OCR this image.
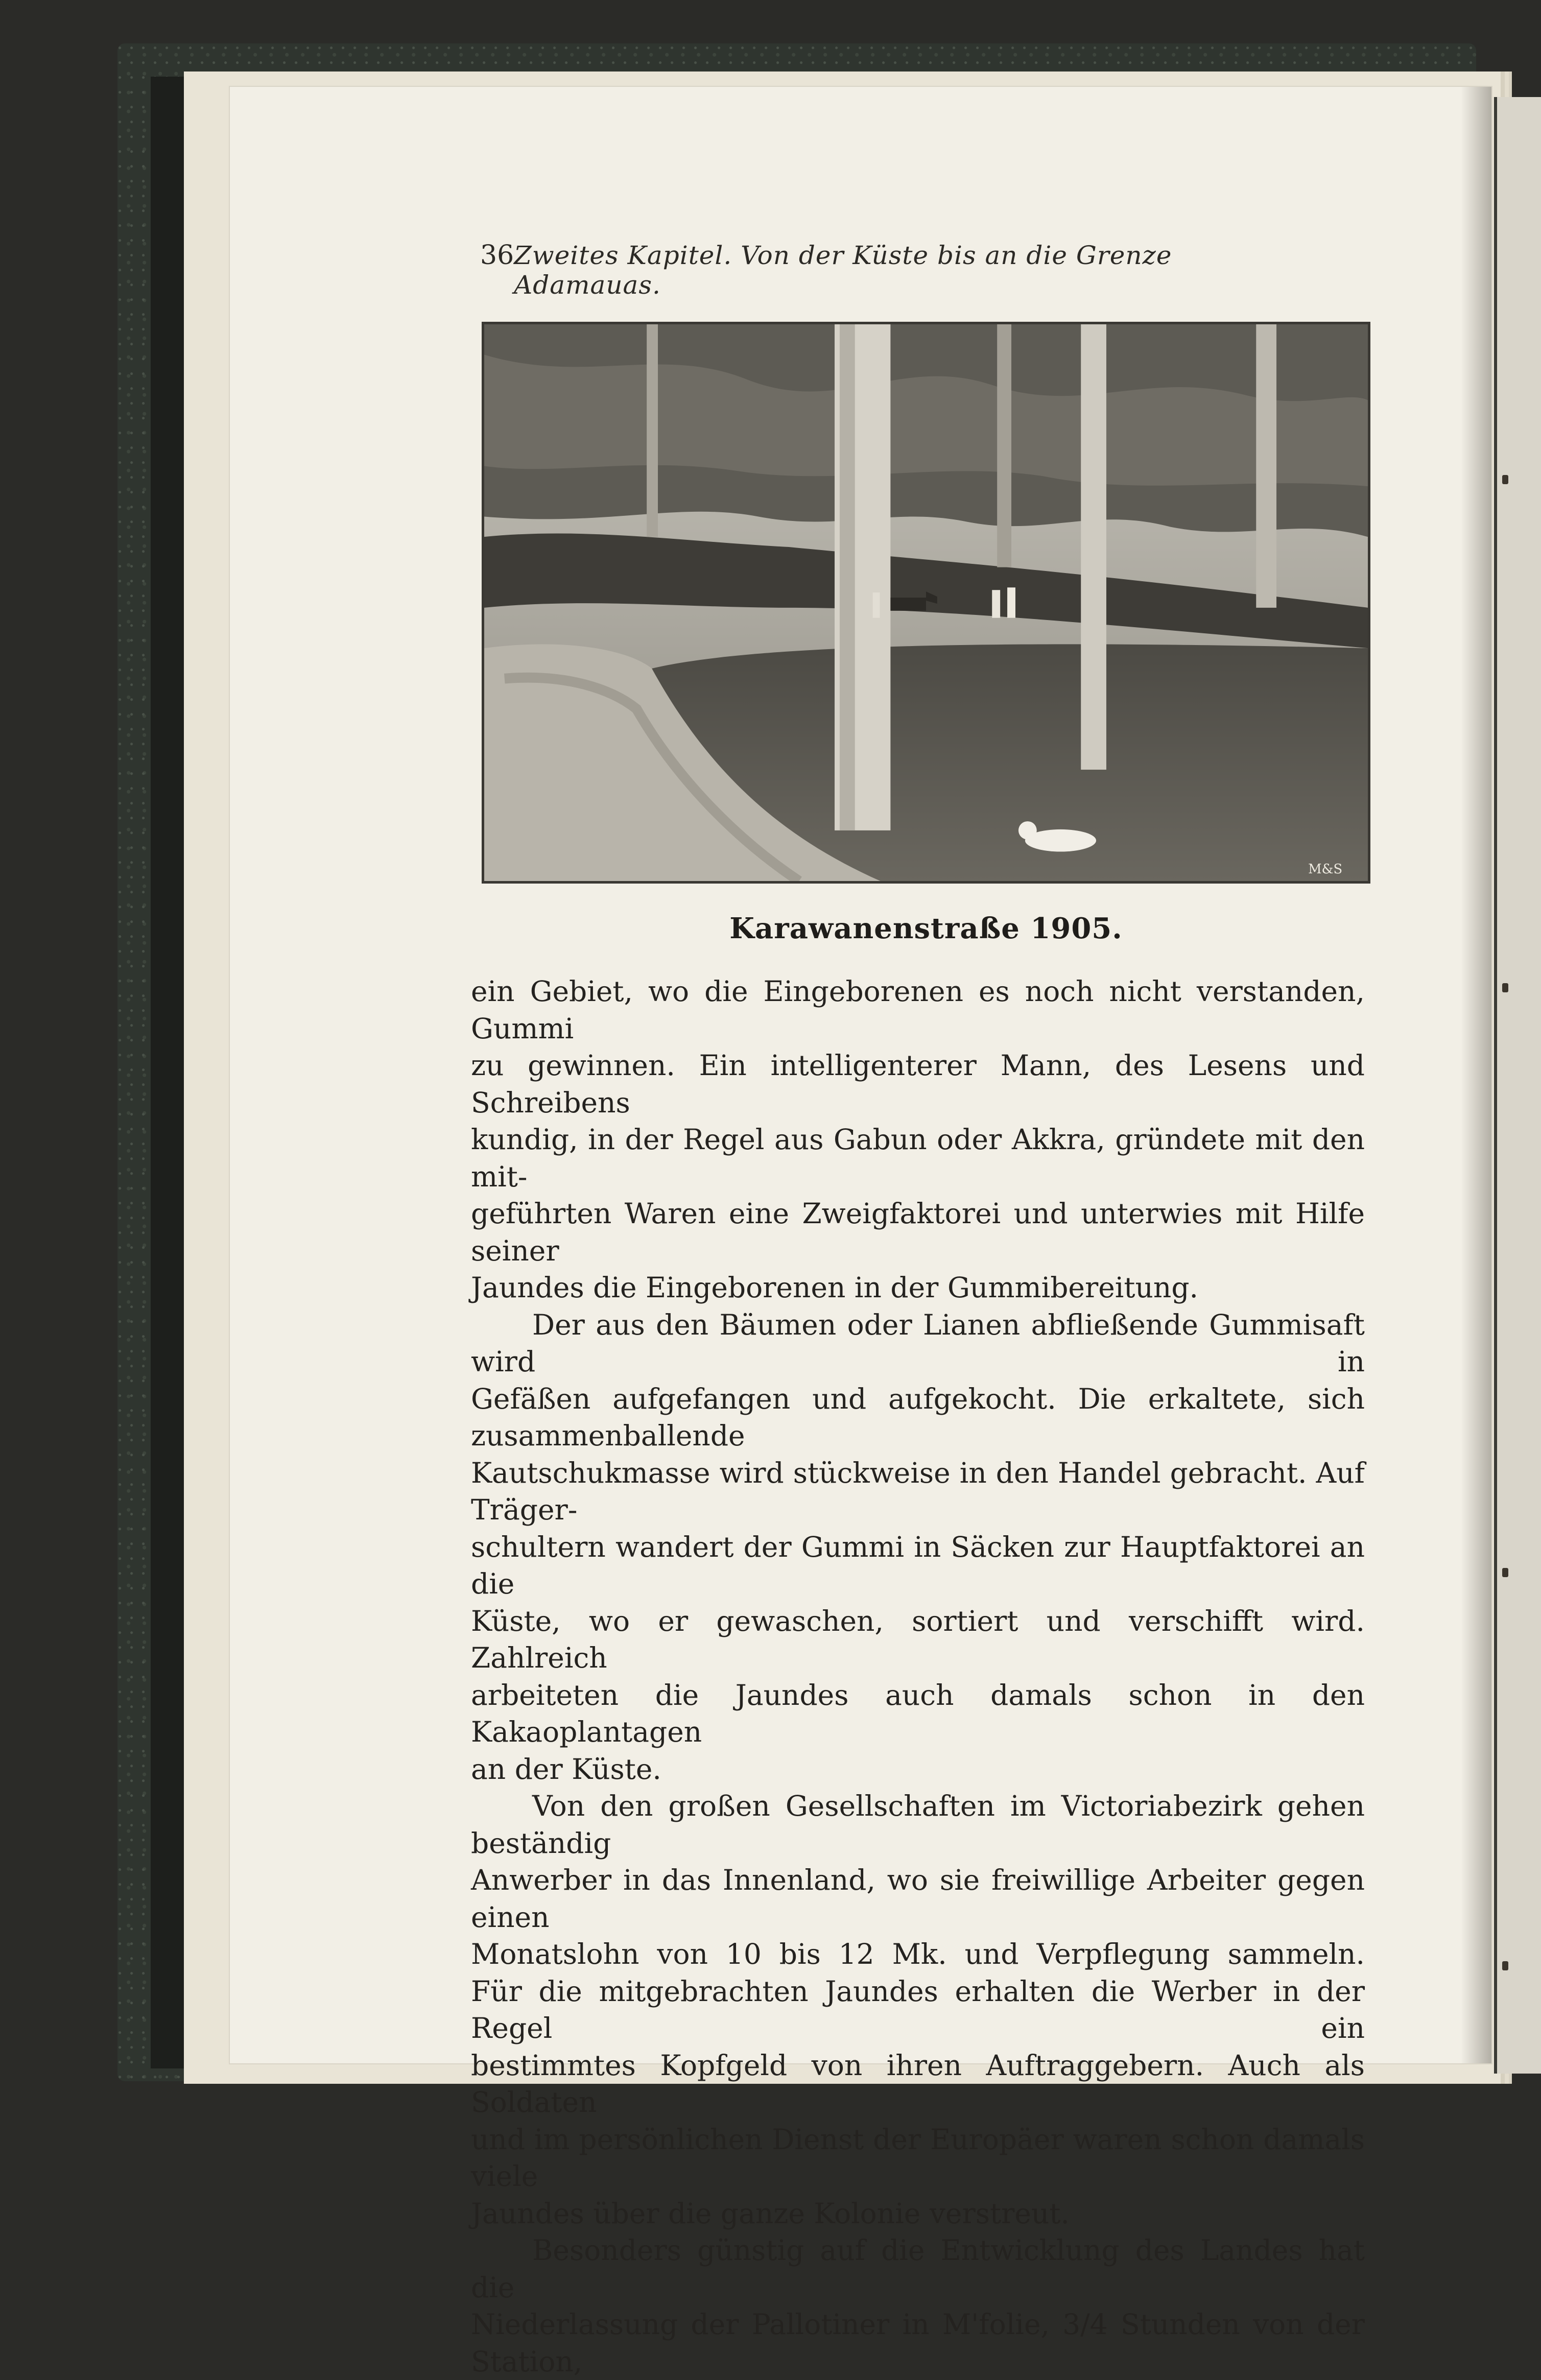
36 Zweites Kapitel. Von der Küste bis an die Grenze Adamauas.
M&S
Karawanenstraße 1905.

ein Gebiet, wo die Eingeborenen es noch nicht verstanden, Gummi
zu gewinnen. Ein intelligenterer Mann, des Lesens und Schreibens
kundig, in der Regel aus Gabun oder Akkra, gründete mit den mit-
geführten Waren eine Zweigfaktorei und unterwies mit Hilfe seiner
Jaundes die Eingeborenen in der Gummibereitung.

Der aus den Bäumen oder Lianen abfließende Gummisaft wird in
Gefäßen aufgefangen und aufgekocht. Die erkaltete, sich zusammenballende
Kautschukmasse wird stückweise in den Handel gebracht. Auf Träger-
schultern wandert der Gummi in Säcken zur Hauptfaktorei an die
Küste, wo er gewaschen, sortiert und verschifft wird. Zahlreich
arbeiteten die Jaundes auch damals schon in den Kakaoplantagen
an der Küste.

Von den großen Gesellschaften im Victoriabezirk gehen beständig
Anwerber in das Innenland, wo sie freiwillige Arbeiter gegen einen
Monatslohn von 10 bis 12 Mk. und Verpflegung sammeln.
Für die mitgebrachten Jaundes erhalten die Werber in der Regel ein
bestimmtes Kopfgeld von ihren Auftraggebern. Auch als Soldaten
und im persönlichen Dienst der Europäer waren schon damals viele
Jaundes über die ganze Kolonie verstreut.

Besonders günstig auf die Entwicklung des Landes hat die
Niederlassung der Pallotiner in M'folie, 3/4 Stunden von der Station,
